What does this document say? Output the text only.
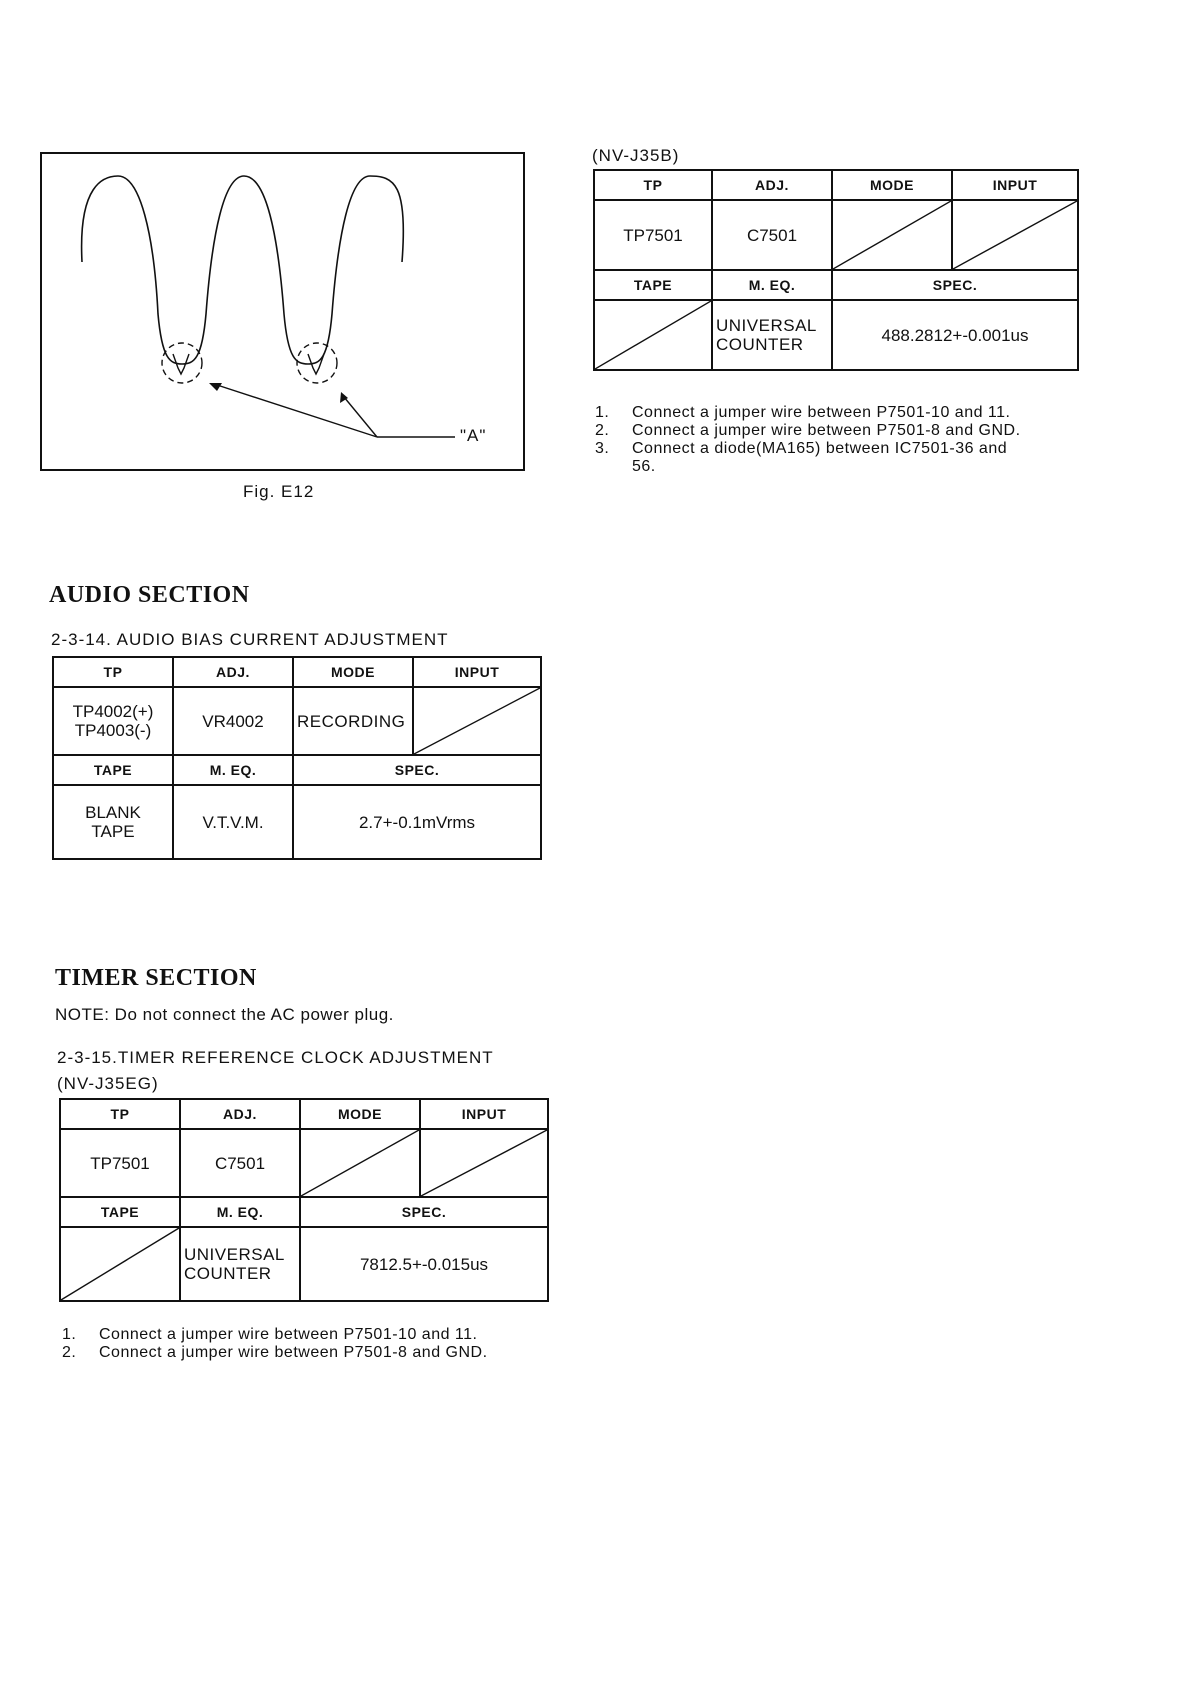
"A"
Fig. E12
(NV-J35B)
TP	ADJ.	MODE	INPUT
TP7501	C7501	

TAPE	M. EQ.	SPEC.	

	UNIVERSAL
COUNTER	488.2812+-0.001us	
1.	Connect a jumper wire between P7501-10 and 11.
2.	Connect a jumper wire between P7501-8 and GND.
3.	Connect a diode(MA165) between IC7501-36 and
56.
AUDIO SECTION
2-3-14. AUDIO BIAS CURRENT ADJUSTMENT
TP	ADJ.	MODE	INPUT
TP4002(+)
TP4003(-)	VR4002	RECORDING	

TAPE	M. EQ.	SPEC.	
BLANK
TAPE	V.T.V.M.	2.7+-0.1mVrms	
TIMER SECTION
NOTE: Do not connect the AC power plug.
2-3-15.TIMER REFERENCE CLOCK ADJUSTMENT
(NV-J35EG)
TP	ADJ.	MODE	INPUT
TP7501	C7501	

TAPE	M. EQ.	SPEC.	

	UNIVERSAL
COUNTER	7812.5+-0.015us	
1.	Connect a jumper wire between P7501-10 and 11.
2.	Connect a jumper wire between P7501-8 and GND.
